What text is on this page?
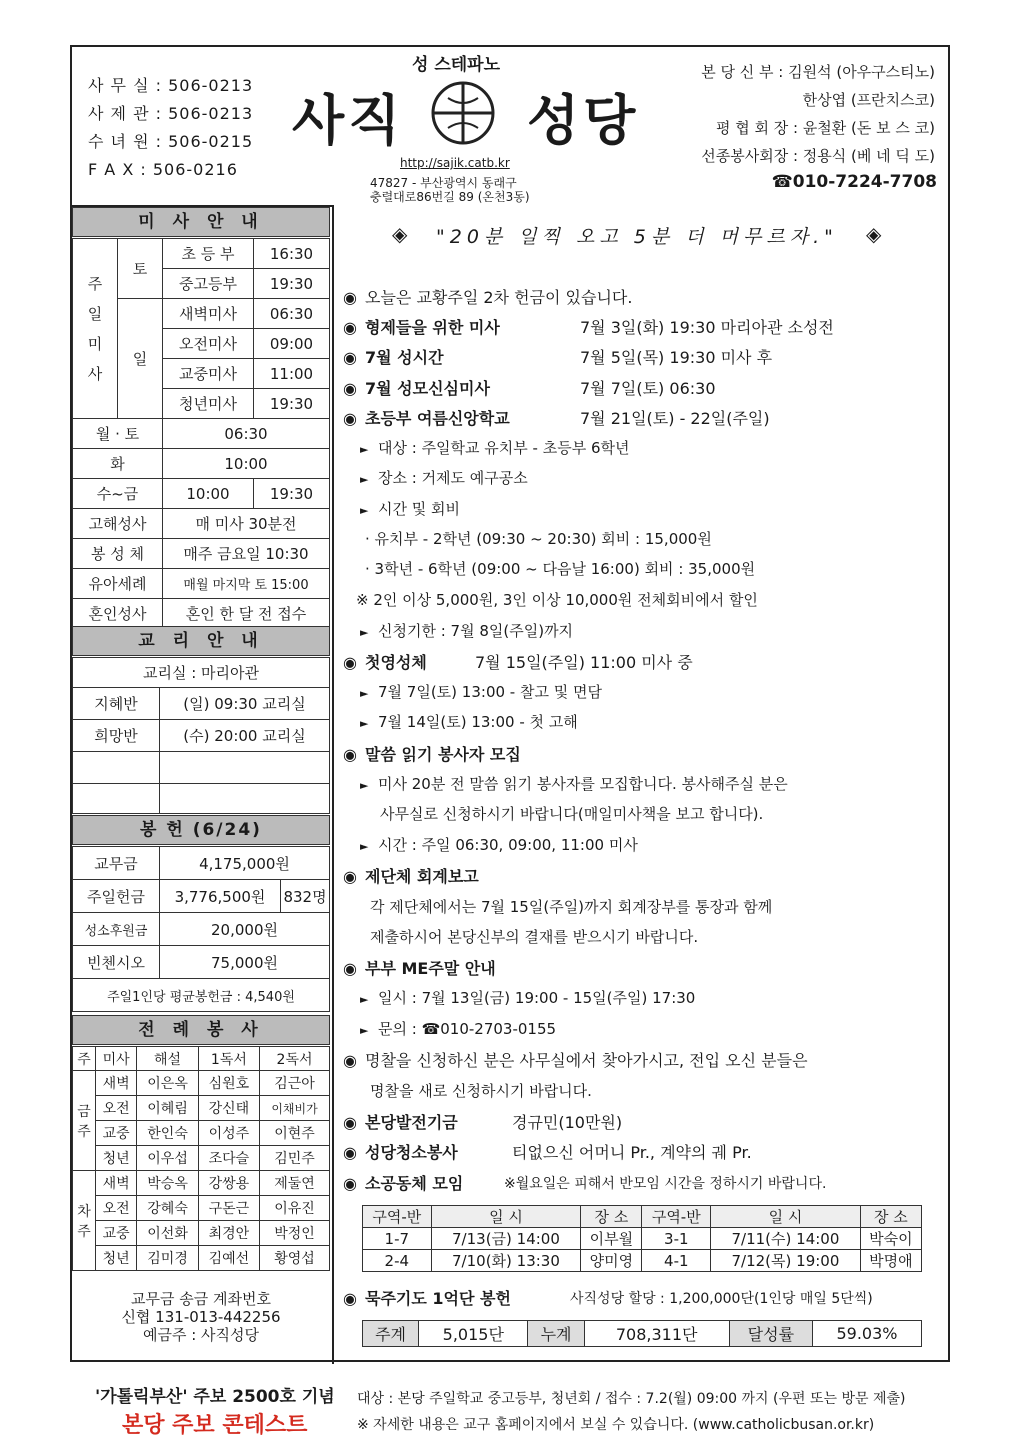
사 무 실 : 506-0213
사 제 관 : 506-0213
수 녀 원 : 506-0215
F A X : 506-0216
성 스테파노
사직 성당
http://sajik.catb.kr
47827 - 부산광역시 동래구
충렬대로86번길 89 (온천3동)
본 당 신 부 : 김원석 (아우구스티노)
한상엽 (프란치스코)
평 협 회 장 : 윤철환 (돈 보 스 코)
선종봉사회장 : 정용식 (베 네 딕 도)
☎010-7224-7708
미 사 안 내
주
일
미
사	토	초 등 부	16:30
		중고등부	19:30
	일	새벽미사	06:30
		오전미사	09:00
		교중미사	11:00
		청년미사	19:30
월 · 토		06:30	
화		10:00	
수~금		10:00	19:30
고해성사		매 미사 30분전	
봉 성 체		매주 금요일 10:30	
유아세례		매월 마지막 토 15:00	
혼인성사		혼인 한 달 전 접수	
교 리 안 내
교리실 : 마리아관	
지혜반	(일) 09:30 교리실
희망반	(수) 20:00 교리실

봉 헌 (6/24)
교무금	4,175,000원	
주일헌금	3,776,500원	832명
성소후원금	20,000원	
빈첸시오	75,000원	
주일1인당 평균봉헌금 : 4,540원		
전 례 봉 사
주	미사	해설	1독서	2독서

금
주	새벽	이은옥	심원호	김근아
	오전	이혜림	강신태	이채비가
	교중	한인숙	이성주	이현주
	청년	이우섭	조다슬	김민주

차
주	새벽	박승옥	강쌍용	제둘연
	오전	강혜숙	구돈근	이유진
	교중	이선화	최경안	박정인
	청년	김미경	김예선	황영섭
교무금 송금 계좌번호
신협 131-013-442256
예금주 : 사직성당
◈ "20분 일찍 오고 5분 더 머무르자." ◈
◉ 오늘은 교황주일 2차 헌금이 있습니다.
◉ 형제들을 위한 미사	7월 3일(화) 19:30 마리아관 소성전
◉ 7월 성시간	7월 5일(목) 19:30 미사 후
◉ 7월 성모신심미사	7월 7일(토) 06:30
◉ 초등부 여름신앙학교	7월 21일(토) - 22일(주일)
► 대상 : 주일학교 유치부 - 초등부 6학년
► 장소 : 거제도 예구공소
► 시간 및 회비
· 유치부 - 2학년 (09:30 ~ 20:30) 회비 : 15,000원
· 3학년 - 6학년 (09:00 ~ 다음날 16:00) 회비 : 35,000원
※ 2인 이상 5,000원, 3인 이상 10,000원 전체회비에서 할인
► 신청기한 : 7월 8일(주일)까지
◉ 첫영성체	7월 15일(주일) 11:00 미사 중
► 7월 7일(토) 13:00 - 찰고 및 면담
► 7월 14일(토) 13:00 - 첫 고해
◉ 말씀 읽기 봉사자 모집
► 미사 20분 전 말씀 읽기 봉사자를 모집합니다. 봉사해주실 분은
사무실로 신청하시기 바랍니다(매일미사책을 보고 합니다).
► 시간 : 주일 06:30, 09:00, 11:00 미사
◉ 제단체 회계보고
각 제단체에서는 7월 15일(주일)까지 회계장부를 통장과 함께
제출하시어 본당신부의 결재를 받으시기 바랍니다.
◉ 부부 ME주말 안내
► 일시 : 7월 13일(금) 19:00 - 15일(주일) 17:30
► 문의 : ☎010-2703-0155
◉ 명찰을 신청하신 분은 사무실에서 찾아가시고, 전입 오신 분들은
명찰을 새로 신청하시기 바랍니다.
◉ 본당발전기금	경규민(10만원)
◉ 성당청소봉사	티없으신 어머니 Pr., 계약의 궤 Pr.
◉ 소공동체 모임	※월요일은 피해서 반모임 시간을 정하시기 바랍니다.
구역-반	일 시	장 소	구역-반	일 시	장 소
1-7	7/13(금) 14:00	이부월	3-1	7/11(수) 14:00	박숙이
2-4	7/10(화) 13:30	양미영	4-1	7/12(목) 19:00	박명애
◉ 묵주기도 1억단 봉헌	사직성당 할당 : 1,200,000단(1인당 매일 5단씩)
주계	5,015단	누계	708,311단	달성률	59.03%
'가톨릭부산' 주보 2500호 기념
본당 주보 콘테스트
대상 : 본당 주일학교 중고등부, 청년회 / 접수 : 7.2(월) 09:00 까지 (우편 또는 방문 제출)
※ 자세한 내용은 교구 홈페이지에서 보실 수 있습니다. (www.catholicbusan.or.kr)
